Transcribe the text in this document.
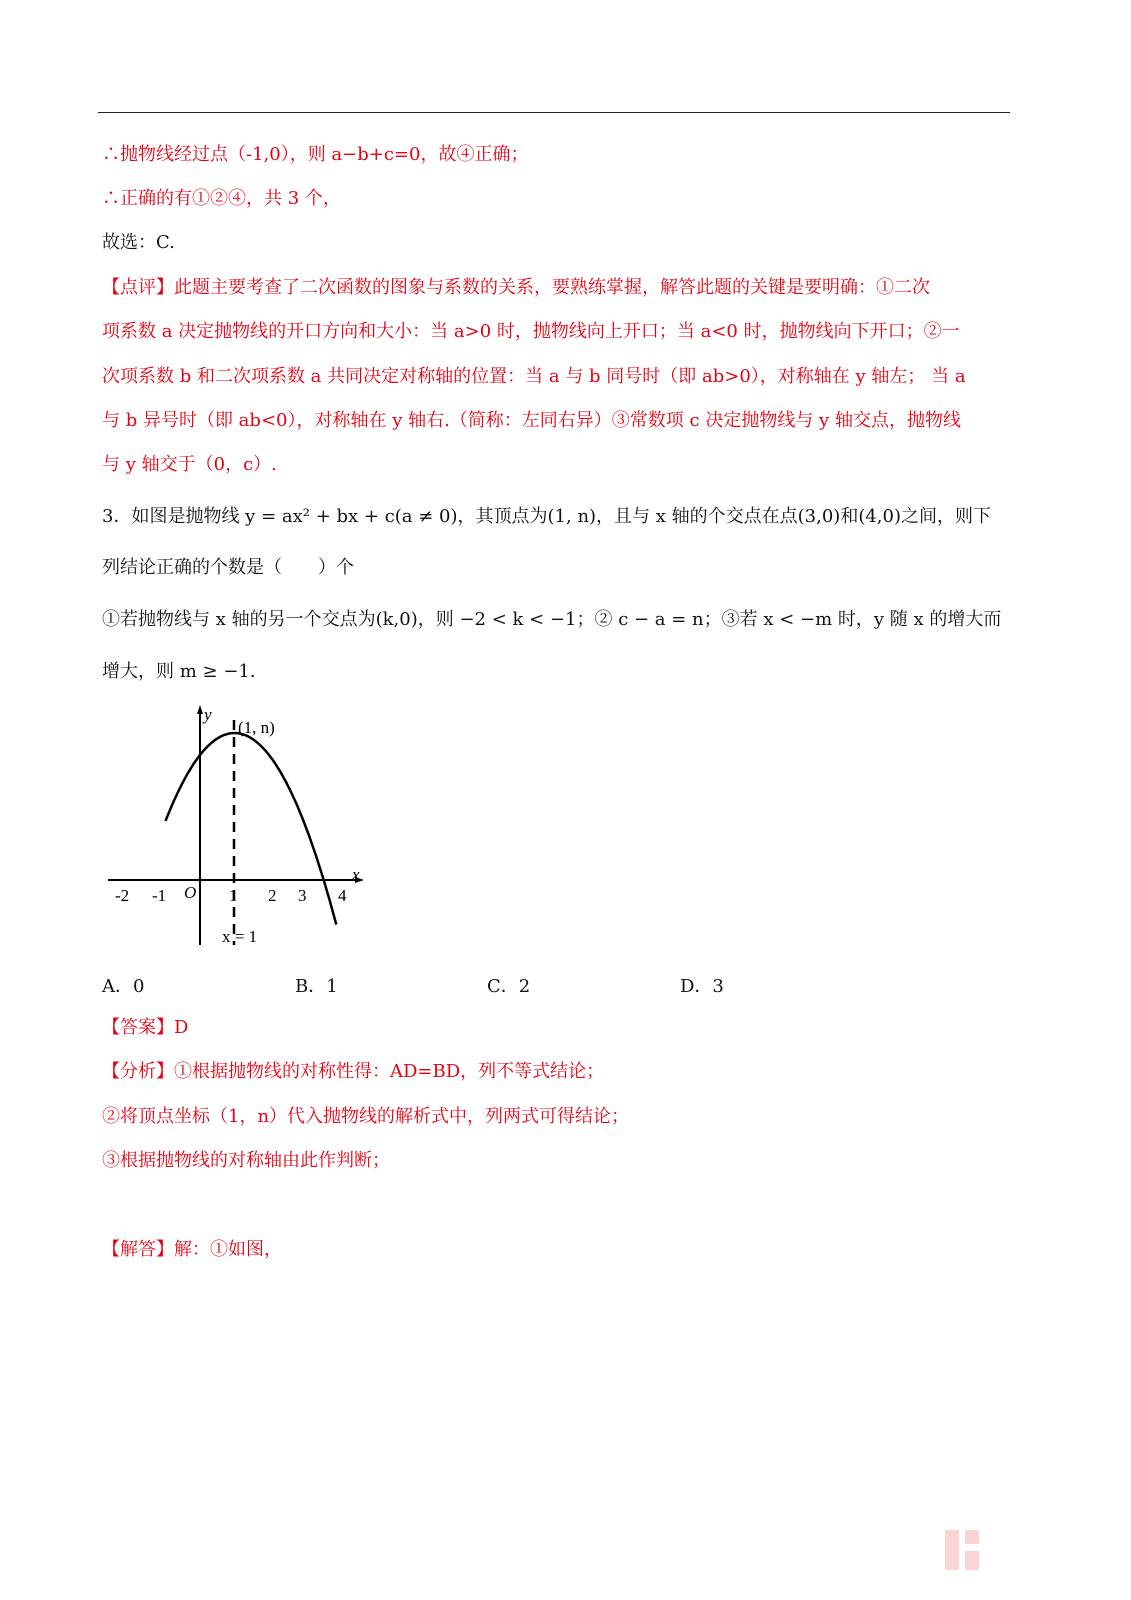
∴抛物线经过点（-1,0），则 a−b+c=0，故④正确；
∴正确的有①②④，共 3 个，
故选：C.
【点评】此题主要考查了二次函数的图象与系数的关系，要熟练掌握，解答此题的关键是要明确：①二次
项系数 a 决定抛物线的开口方向和大小：当 a>0 时，抛物线向上开口；当 a<0 时，抛物线向下开口；②一
次项系数 b 和二次项系数 a 共同决定对称轴的位置：当 a 与 b 同号时（即 ab>0），对称轴在 y 轴左； 当 a
与 b 异号时（即 ab<0），对称轴在 y 轴右.（简称：左同右异）③常数项 c 决定抛物线与 y 轴交点，抛物线
与 y 轴交于（0，c）.
3．如图是抛物线 y = ax² + bx + c(a ≠ 0)，其顶点为(1, n)，且与 x 轴的个交点在点(3,0)和(4,0)之间，则下
列结论正确的个数是（　　）个
①若抛物线与 x 轴的另一个交点为(k,0)，则 −2 < k < −1；② c − a = n；③若 x < −m 时，y 随 x 的增大而
增大，则 m ≥ −1.
y
x
O
(1, n)
x = 1
-2 -1	1 2 3 4
A．0	B．1	C．2	D．3
【答案】D
【分析】①根据抛物线的对称性得：AD=BD，列不等式结论；
②将顶点坐标（1，n）代入抛物线的解析式中，列两式可得结论；
③根据抛物线的对称轴由此作判断；
【解答】解：①如图，
